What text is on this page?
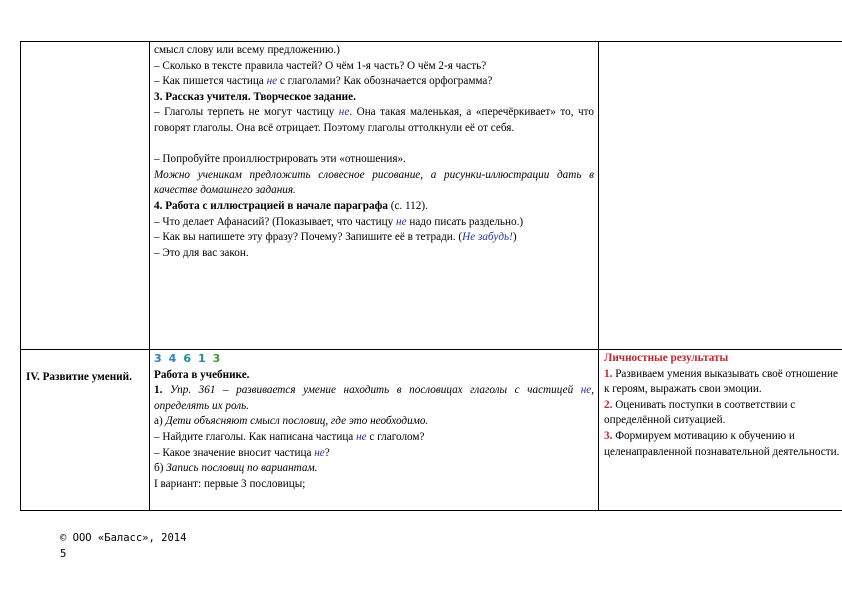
смысл слову или всему предложению.)
– Сколько в тексте правила частей? О чём 1-я часть? О чём 2-я часть?
– Как пишется частица не с глаголами? Как обозначается орфограмма?
3. Рассказ учителя. Творческое задание.
– Глаголы терпеть не могут частицу не. Она такая маленькая, а «перечёркивает» то, что говорят глаголы. Она всё отрицает. Поэтому глаголы оттолкнули её от себя.
– Попробуйте проиллюстрировать эти «отношения».
Можно ученикам предложить словесное рисование, а рисунки-иллюстрации дать в качестве домашнего задания.
4. Работа с иллюстрацией в начале параграфа (с. 112).
– Что делает Афанасий? (Показывает, что частицу не надо писать раздельно.)
– Как вы напишете эту фразу? Почему? Запишите её в тетради. (Не забудь!)
– Это для вас закон.
IV. Развитие умений.
3 4 6 1 3
Работа в учебнике.
1. Упр. 361 – развивается умение находить в пословицах глаголы с частицей не, определять их роль.
а) Дети объясняют смысл пословиц, где это необходимо.
– Найдите глаголы. Как написана частица не с глаголом?
– Какое значение вносит частица не?
б) Запись пословиц по вариантам.
I вариант: первые 3 пословицы;
Личностные результаты
1. Развиваем умения выказывать своё отношение к героям, выражать свои эмоции.
2. Оценивать поступки в соответствии с определённой ситуацией.
3. Формируем мотивацию к обучению и целенаправленной познавательной деятельности.
© ООО «Баласс», 2014
5
